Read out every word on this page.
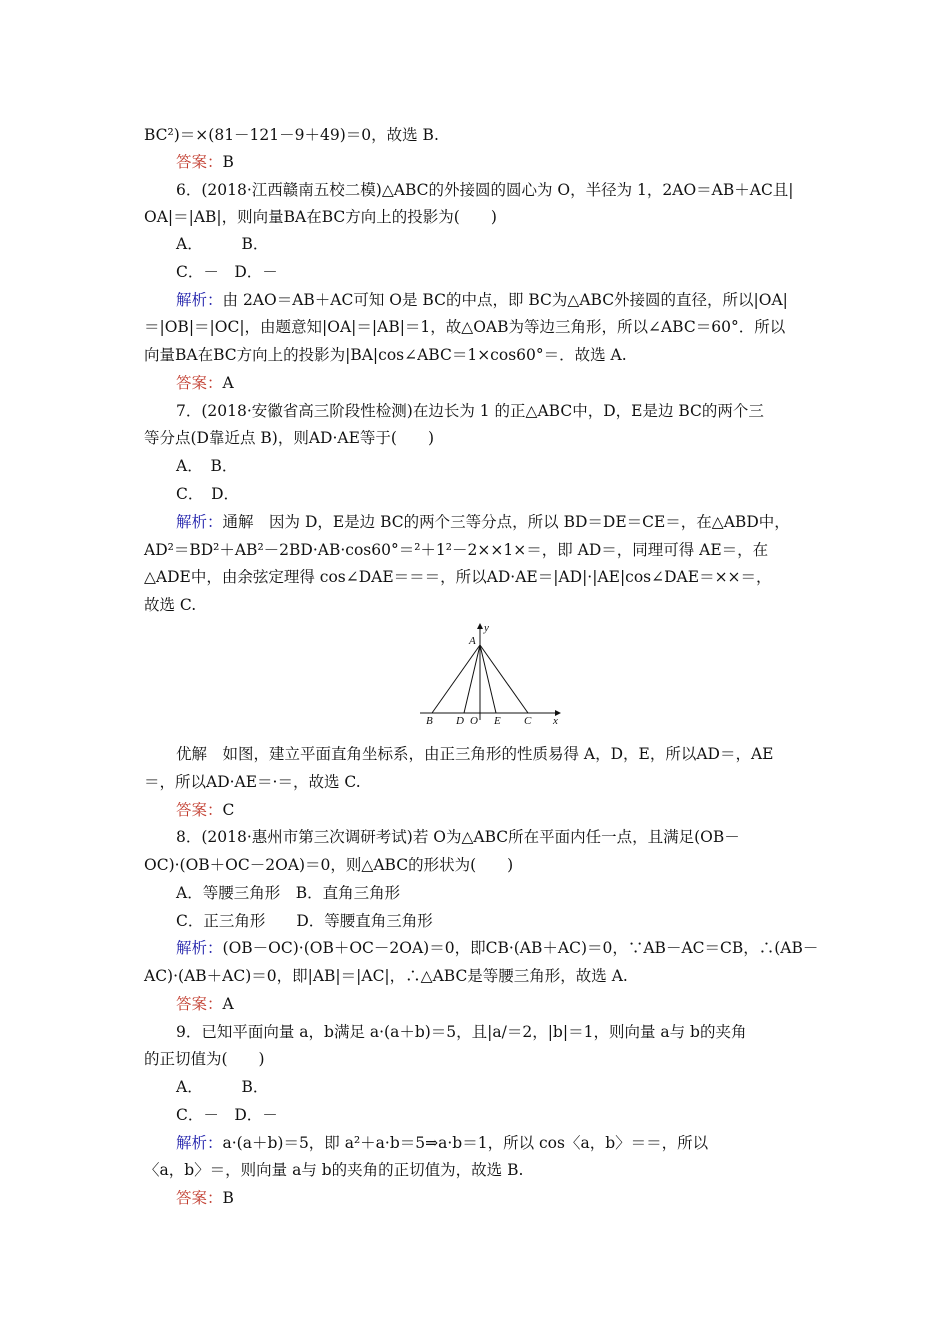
BC²)＝×(81－121－9＋49)＝0，故选 B.
答案：B
6．(2018·江西赣南五校二模)△ABC的外接圆的圆心为 O，半径为 1，2AO＝AB＋AC且|
OA|＝|AB|，则向量BA在BC方向上的投影为(　　)
A．　　　B．
C．－　D．－
解析：由 2AO＝AB＋AC可知 O是 BC的中点，即 BC为△ABC外接圆的直径，所以|OA|
＝|OB|＝|OC|，由题意知|OA|＝|AB|＝1，故△OAB为等边三角形，所以∠ABC＝60°．所以
向量BA在BC方向上的投影为|BA|cos∠ABC＝1×cos60°＝．故选 A.
答案：A
7．(2018·安徽省高三阶段性检测)在边长为 1 的正△ABC中，D，E是边 BC的两个三
等分点(D靠近点 B)，则AD·AE等于(　　)
A．　B．
C．　D．
解析：通解　因为 D，E是边 BC的两个三等分点，所以 BD＝DE＝CE＝，在△ABD中，
AD²＝BD²＋AB²－2BD·AB·cos60°＝²＋1²－2××1×＝，即 AD＝，同理可得 AE＝，在
△ADE中，由余弦定理得 cos∠DAE＝＝＝，所以AD·AE＝|AD|·|AE|cos∠DAE＝××＝，
故选 C.
优解　如图，建立平面直角坐标系，由正三角形的性质易得 A，D，E，所以AD＝，AE
＝，所以AD·AE＝·＝，故选 C.
答案：C
8．(2018·惠州市第三次调研考试)若 O为△ABC所在平面内任一点，且满足(OB－
OC)·(OB＋OC－2OA)＝0，则△ABC的形状为(　　)
A．等腰三角形　B．直角三角形
C．正三角形　　D．等腰直角三角形
解析：(OB－OC)·(OB＋OC－2OA)＝0，即CB·(AB＋AC)＝0，∵AB－AC＝CB，∴(AB－
AC)·(AB＋AC)＝0，即|AB|＝|AC|，∴△ABC是等腰三角形，故选 A.
答案：A
9．已知平面向量 a，b满足 a·(a＋b)＝5，且|a/＝2，|b|＝1，则向量 a与 b的夹角
的正切值为(　　)
A．　　　B．
C．－　D．－
解析：a·(a＋b)＝5，即 a²＋a·b＝5⇒a·b＝1，所以 cos〈a，b〉＝＝，所以
〈a，b〉＝，则向量 a与 b的夹角的正切值为，故选 B.
答案：B
A
y
B D O E C x
